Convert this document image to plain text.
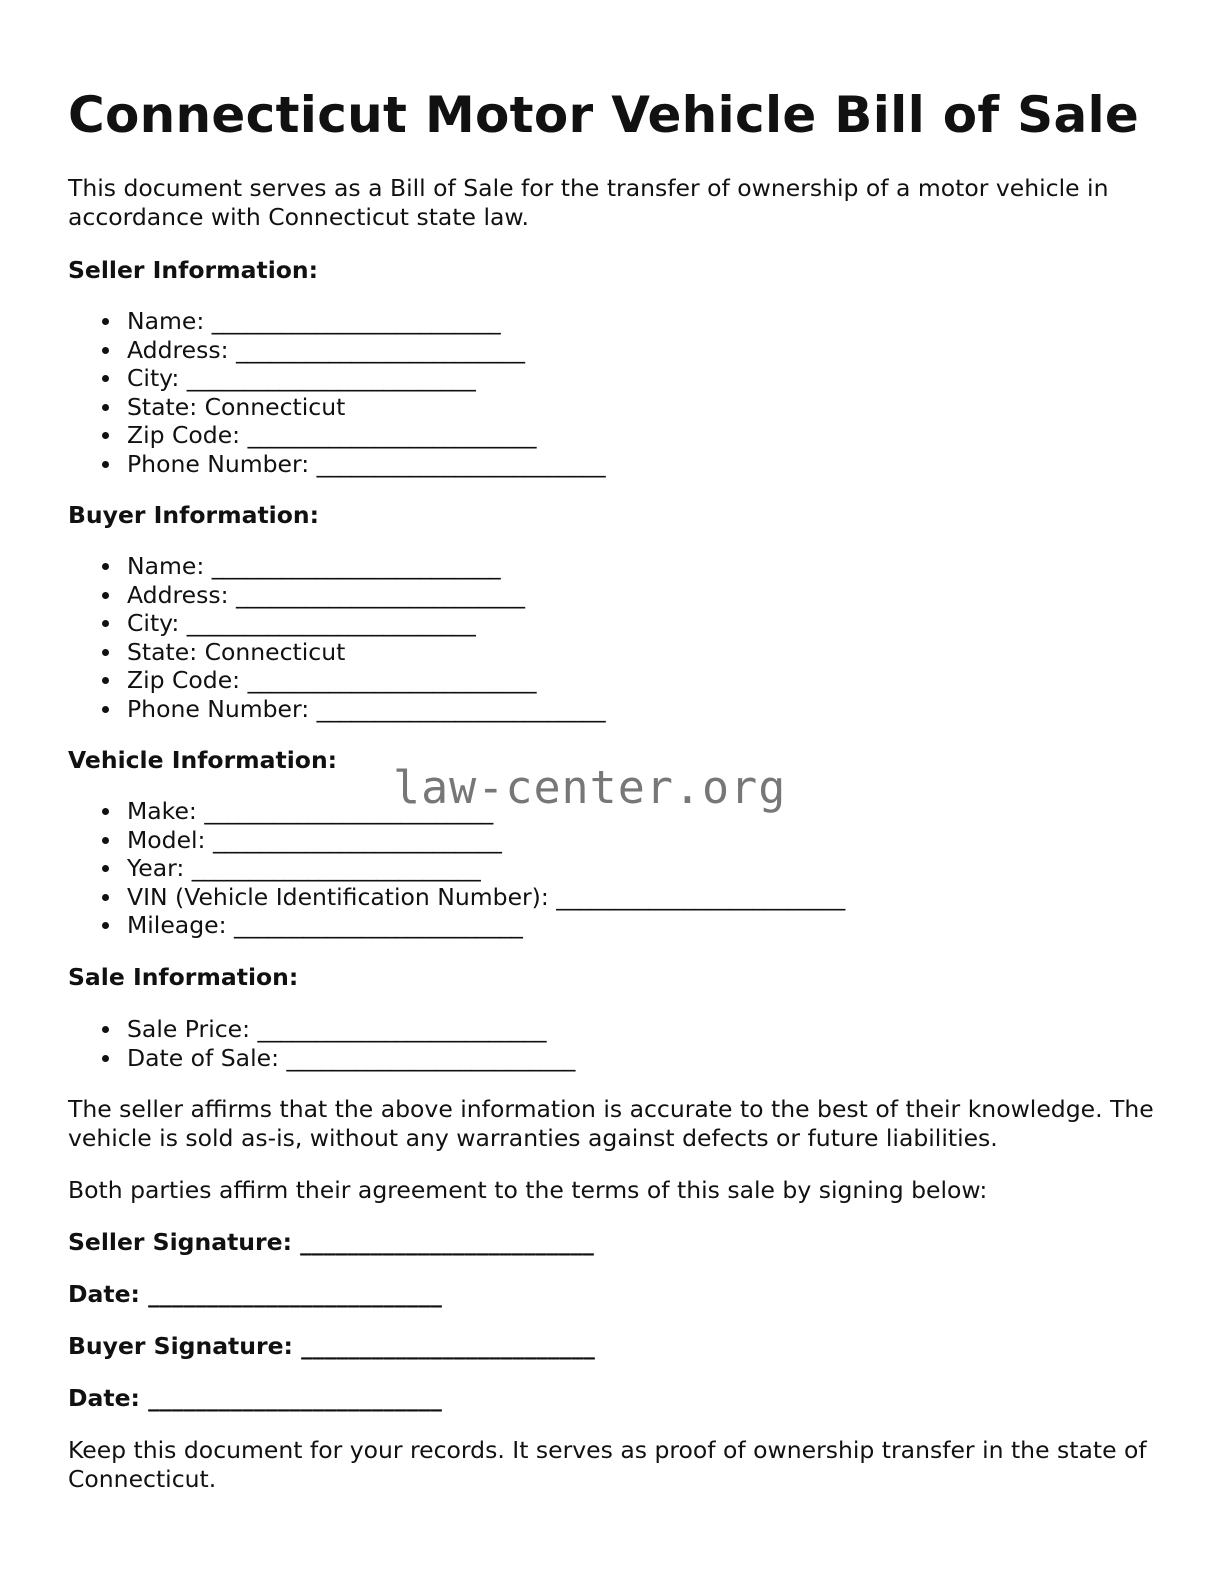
Connecticut Motor Vehicle Bill of Sale

This document serves as a Bill of Sale for the transfer of ownership of a motor vehicle in accordance with Connecticut state law.

Seller Information:
Name: _________________________
Address: _________________________
City: _________________________
State: Connecticut
Zip Code: _________________________
Phone Number: _________________________
Buyer Information:
Name: _________________________
Address: _________________________
City: _________________________
State: Connecticut
Zip Code: _________________________
Phone Number: _________________________
Vehicle Information:
Make: _________________________
Model: _________________________
Year: _________________________
VIN (Vehicle Identification Number): _________________________
Mileage: _________________________
Sale Information:
Sale Price: _________________________
Date of Sale: _________________________

The seller affirms that the above information is accurate to the best of their knowledge. The vehicle is sold as-is, without any warranties against defects or future liabilities.

Both parties affirm their agreement to the terms of this sale by signing below:

Seller Signature: _________________________

Date: _________________________

Buyer Signature: _________________________

Date: _________________________

Keep this document for your records. It serves as proof of ownership transfer in the state of Connecticut.

law-center.org
